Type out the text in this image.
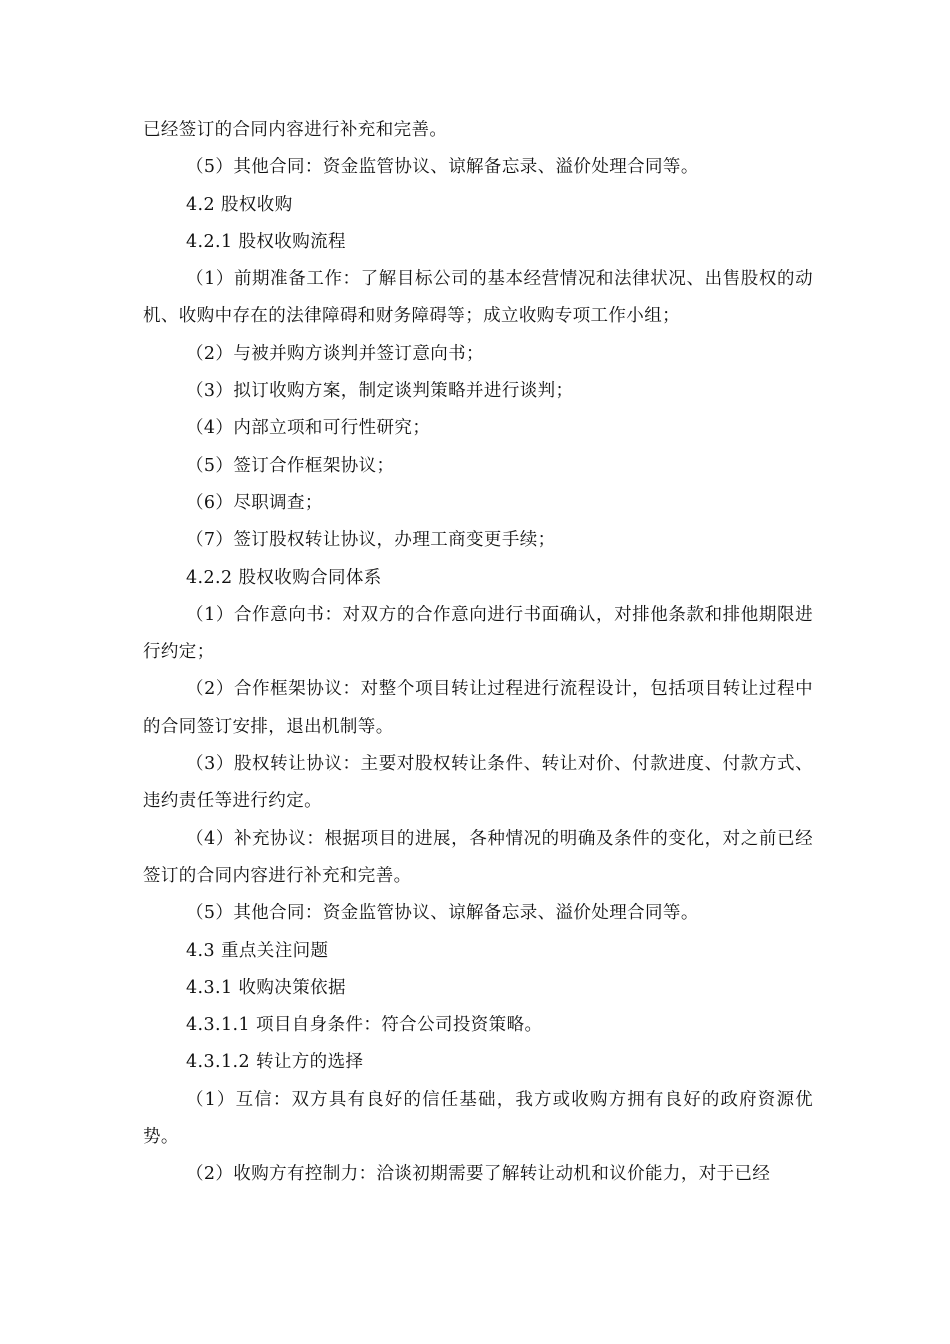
已经签订的合同内容进行补充和完善。

（5）其他合同：资金监管协议、谅解备忘录、溢价处理合同等。

4.2 股权收购

4.2.1 股权收购流程

（1）前期准备工作：了解目标公司的基本经营情况和法律状况、出售股权的动机、收购中存在的法律障碍和财务障碍等；成立收购专项工作小组；

（2）与被并购方谈判并签订意向书；

（3）拟订收购方案，制定谈判策略并进行谈判；

（4）内部立项和可行性研究；

（5）签订合作框架协议；

（6）尽职调查；

（7）签订股权转让协议，办理工商变更手续；

4.2.2 股权收购合同体系

（1）合作意向书：对双方的合作意向进行书面确认，对排他条款和排他期限进行约定；

（2）合作框架协议：对整个项目转让过程进行流程设计，包括项目转让过程中的合同签订安排，退出机制等。

（3）股权转让协议：主要对股权转让条件、转让对价、付款进度、付款方式、违约责任等进行约定。

（4）补充协议：根据项目的进展，各种情况的明确及条件的变化，对之前已经签订的合同内容进行补充和完善。

（5）其他合同：资金监管协议、谅解备忘录、溢价处理合同等。

4.3 重点关注问题

4.3.1 收购决策依据

4.3.1.1 项目自身条件：符合公司投资策略。

4.3.1.2 转让方的选择

（1）互信：双方具有良好的信任基础，我方或收购方拥有良好的政府资源优势。

（2）收购方有控制力：洽谈初期需要了解转让动机和议价能力，对于已经
